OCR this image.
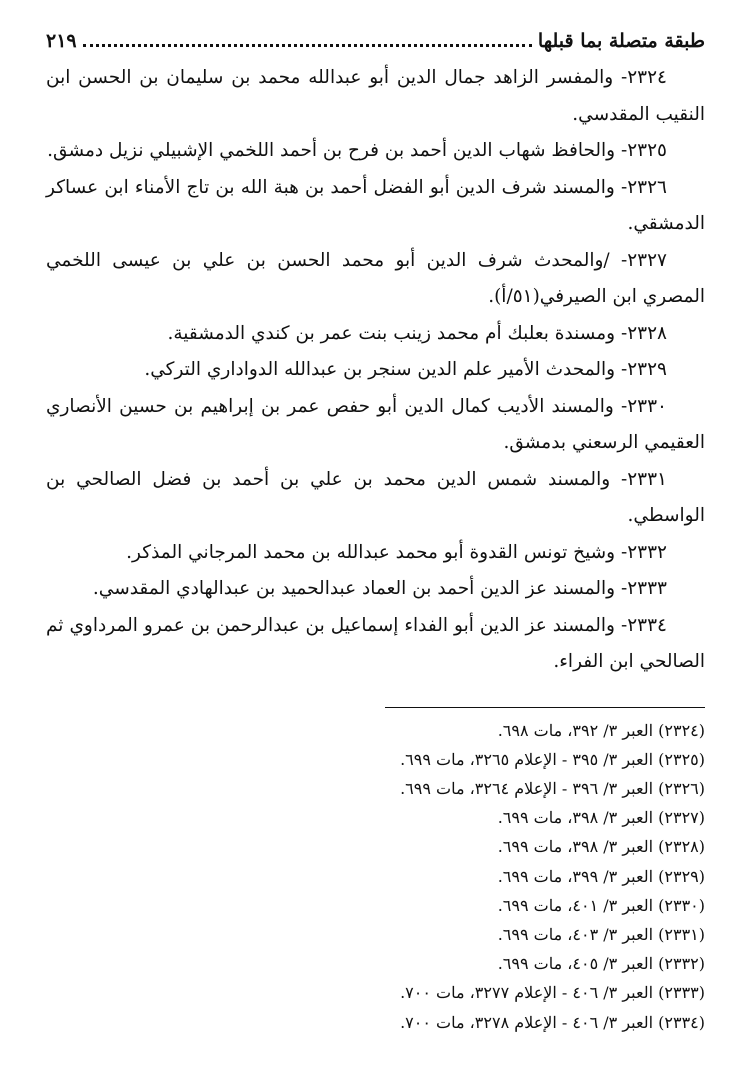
طبقة متصلة بما قبلها
٢١٩

٢٣٢٤- والمفسر الزاهد جمال الدين أبو عبدالله محمد بن سليمان بن الحسن ابن النقيب المقدسي.

٢٣٢٥- والحافظ شهاب الدين أحمد بن فرح بن أحمد اللخمي الإشبيلي نزيل دمشق.

٢٣٢٦- والمسند شرف الدين أبو الفضل أحمد بن هبة الله بن تاج الأمناء ابن عساكر الدمشقي.

٢٣٢٧- /والمحدث شرف الدين أبو محمد الحسن بن علي بن عيسى اللخمي المصري ابن الصيرفي(٥١/أ).

٢٣٢٨- ومسندة بعلبك أم محمد زينب بنت عمر بن كندي الدمشقية.

٢٣٢٩- والمحدث الأمير علم الدين سنجر بن عبدالله الدواداري التركي.

٢٣٣٠- والمسند الأديب كمال الدين أبو حفص عمر بن إبراهيم بن حسين الأنصاري العقيمي الرسعني بدمشق.

٢٣٣١- والمسند شمس الدين محمد بن علي بن أحمد بن فضل الصالحي بن الواسطي.

٢٣٣٢- وشيخ تونس القدوة أبو محمد عبدالله بن محمد المرجاني المذكر.

٢٣٣٣- والمسند عز الدين أحمد بن العماد عبدالحميد بن عبدالهادي المقدسي.

٢٣٣٤- والمسند عز الدين أبو الفداء إسماعيل بن عبدالرحمن بن عمرو المرداوي ثم الصالحي ابن الفراء.

(٢٣٢٤) العبر ٣/ ٣٩٢، مات ٦٩٨.

(٢٣٢٥) العبر ٣/ ٣٩٥ - الإعلام ٣٢٦٥، مات ٦٩٩.

(٢٣٢٦) العبر ٣/ ٣٩٦ - الإعلام ٣٢٦٤، مات ٦٩٩.

(٢٣٢٧) العبر ٣/ ٣٩٨، مات ٦٩٩.

(٢٣٢٨) العبر ٣/ ٣٩٨، مات ٦٩٩.

(٢٣٢٩) العبر ٣/ ٣٩٩، مات ٦٩٩.

(٢٣٣٠) العبر ٣/ ٤٠١، مات ٦٩٩.

(٢٣٣١) العبر ٣/ ٤٠٣، مات ٦٩٩.

(٢٣٣٢) العبر ٣/ ٤٠٥، مات ٦٩٩.

(٢٣٣٣) العبر ٣/ ٤٠٦ - الإعلام ٣٢٧٧، مات ٧٠٠.

(٢٣٣٤) العبر ٣/ ٤٠٦ - الإعلام ٣٢٧٨، مات ٧٠٠.
